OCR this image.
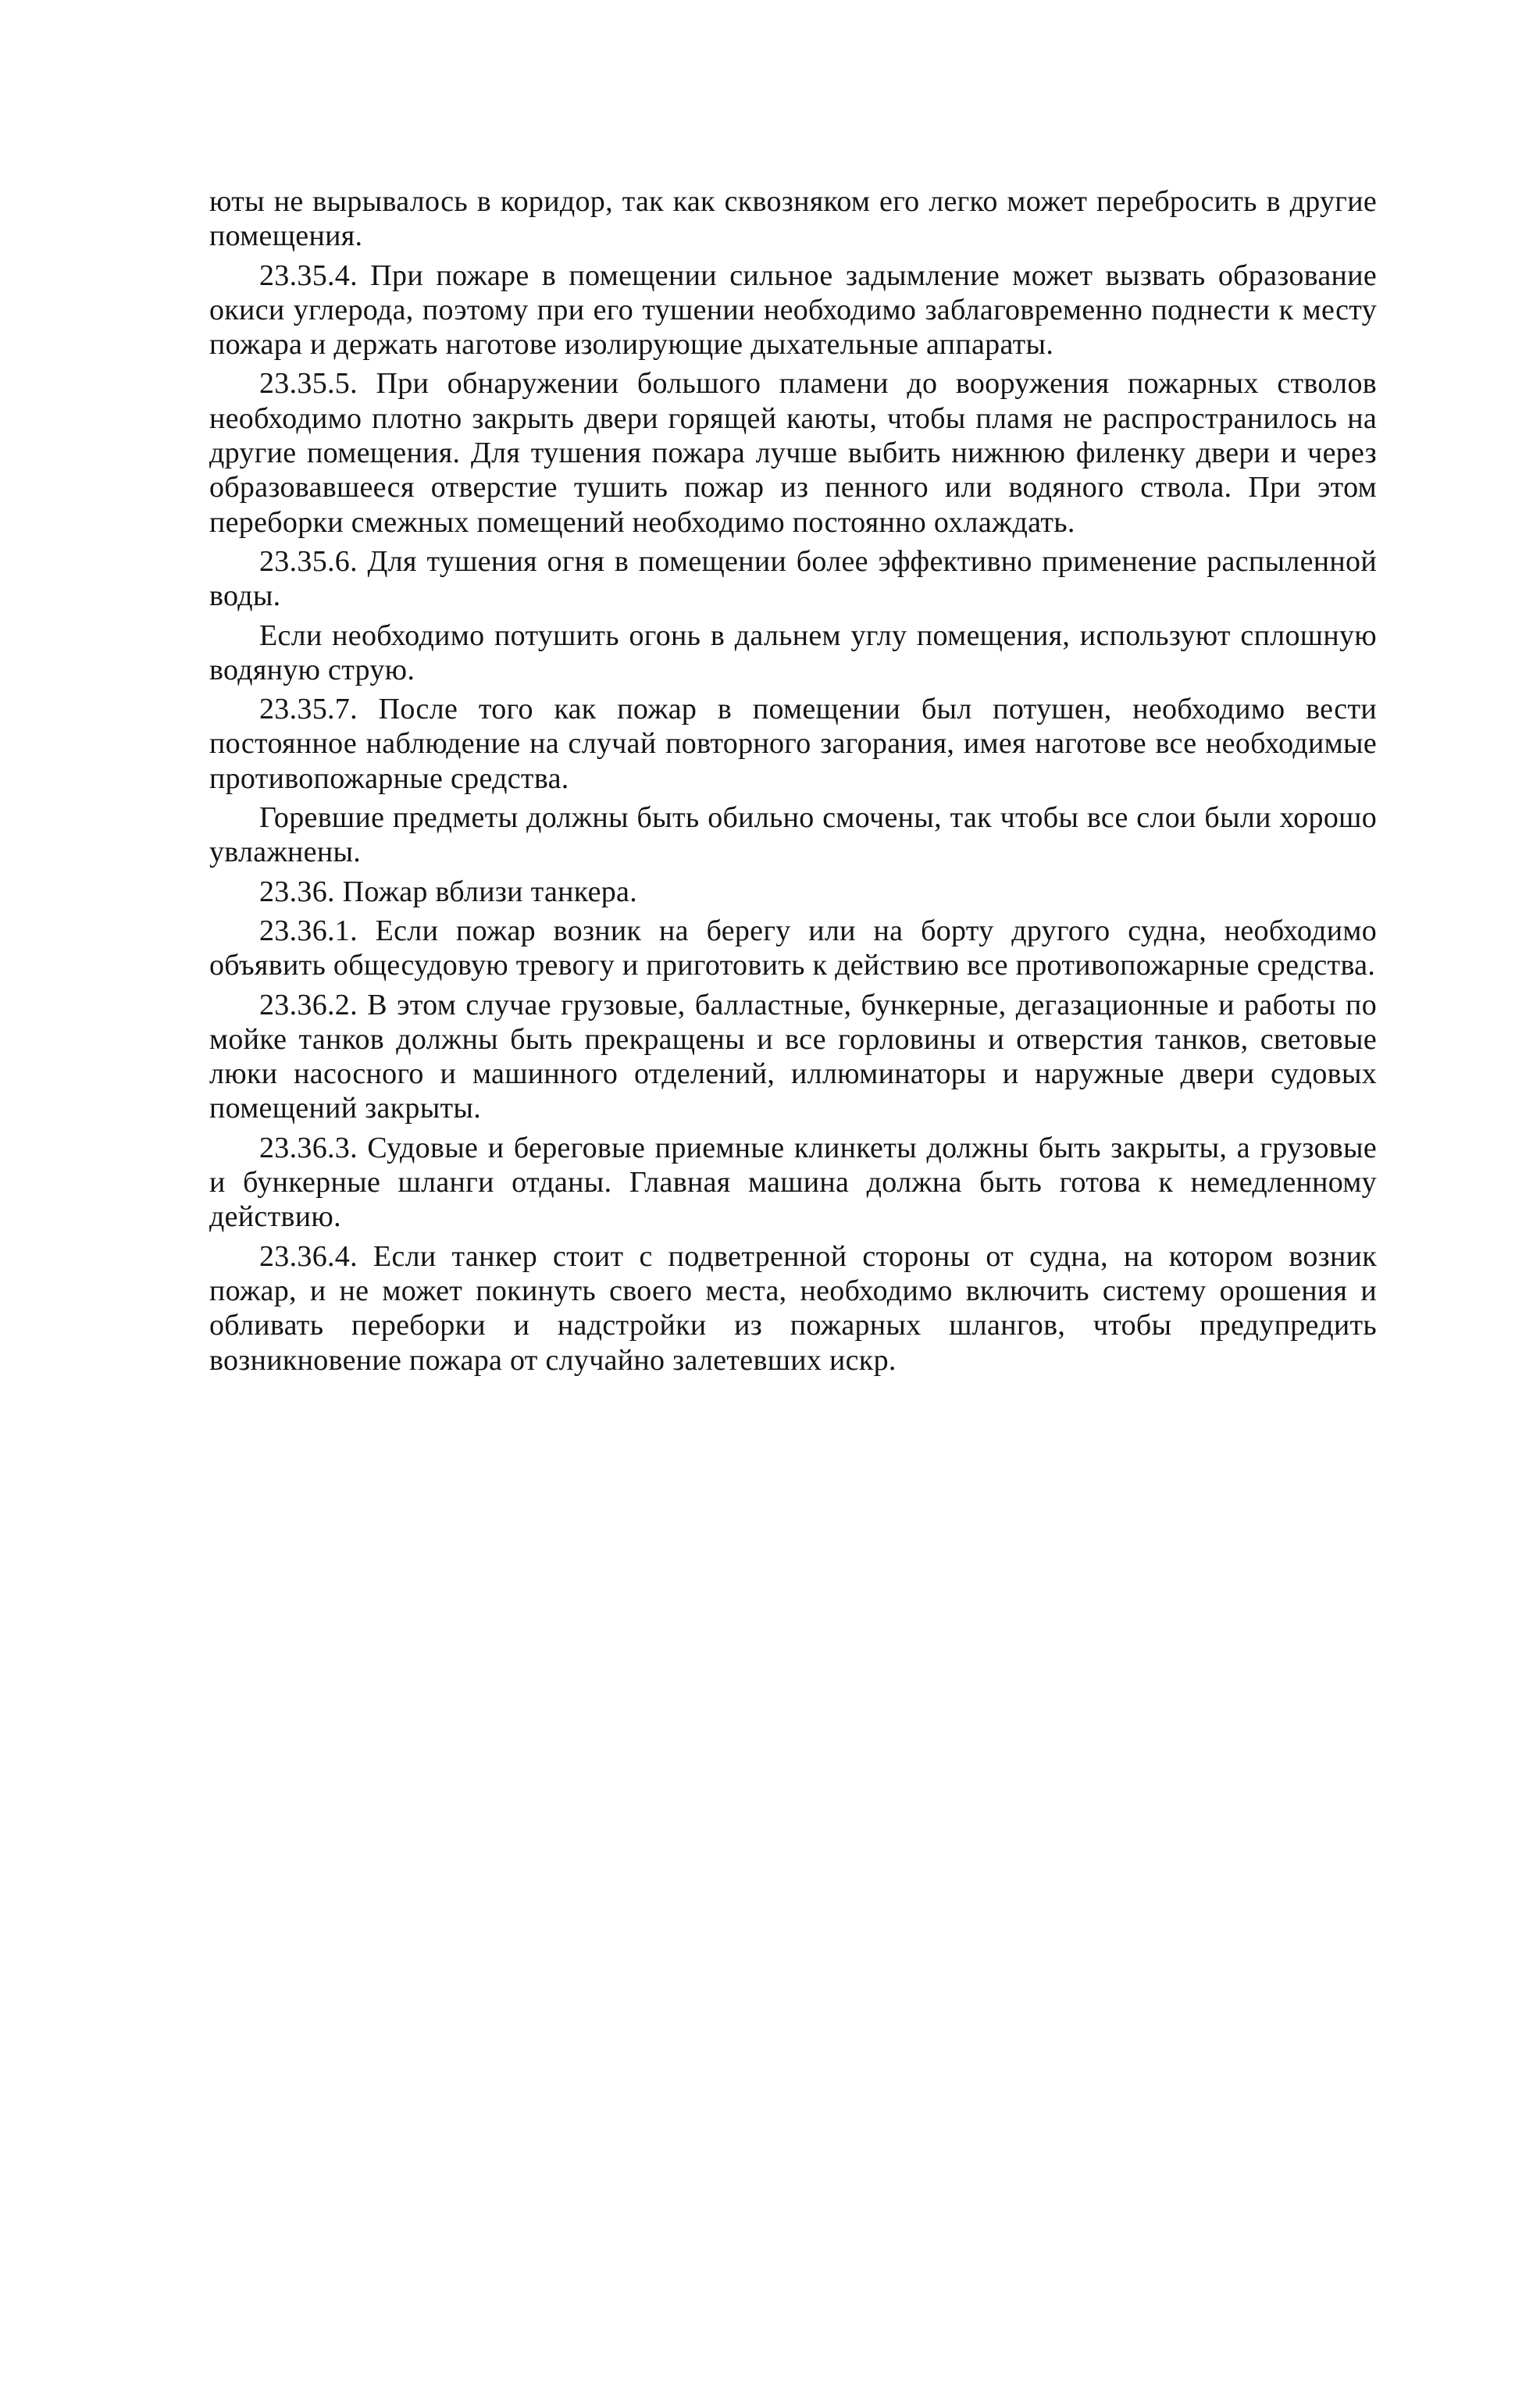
юты не вырывалось в коридор, так как сквозняком его легко может перебросить в другие помещения.

23.35.4. При пожаре в помещении сильное задымление может вызвать образование окиси углерода, поэтому при его тушении необходимо заблаговременно поднести к месту пожара и держать наготове изолирующие дыхательные аппараты.

23.35.5. При обнаружении большого пламени до вооружения пожарных стволов необходимо плотно закрыть двери горящей каюты, чтобы пламя не распространилось на другие помещения. Для тушения пожара лучше выбить нижнюю филенку двери и через образовавшееся отверстие тушить пожар из пенного или водяного ствола. При этом переборки смежных помещений необходимо постоянно охлаждать.

23.35.6. Для тушения огня в помещении более эффективно применение распыленной воды.

Если необходимо потушить огонь в дальнем углу помещения, используют сплошную водяную струю.

23.35.7. После того как пожар в помещении был потушен, необходимо вести постоянное наблюдение на случай повторного загорания, имея наготове все необходимые противопожарные средства.

Горевшие предметы должны быть обильно смочены, так чтобы все слои были хорошо увлажнены.

23.36. Пожар вблизи танкера.

23.36.1. Если пожар возник на берегу или на борту другого судна, необходимо объявить общесудовую тревогу и приготовить к действию все противопожарные средства.

23.36.2. В этом случае грузовые, балластные, бункерные, дегазационные и работы по мойке танков должны быть прекращены и все горловины и отверстия танков, световые люки насосного и машинного отделений, иллюминаторы и наружные двери судовых помещений закрыты.

23.36.3. Судовые и береговые приемные клинкеты должны быть закрыты, а грузовые и бункерные шланги отданы. Главная машина должна быть готова к немедленному действию.

23.36.4. Если танкер стоит с подветренной стороны от судна, на котором возник пожар, и не может покинуть своего места, необходимо включить систему орошения и обливать переборки и надстройки из пожарных шлангов, чтобы предупредить возникновение пожара от случайно залетевших искр.
